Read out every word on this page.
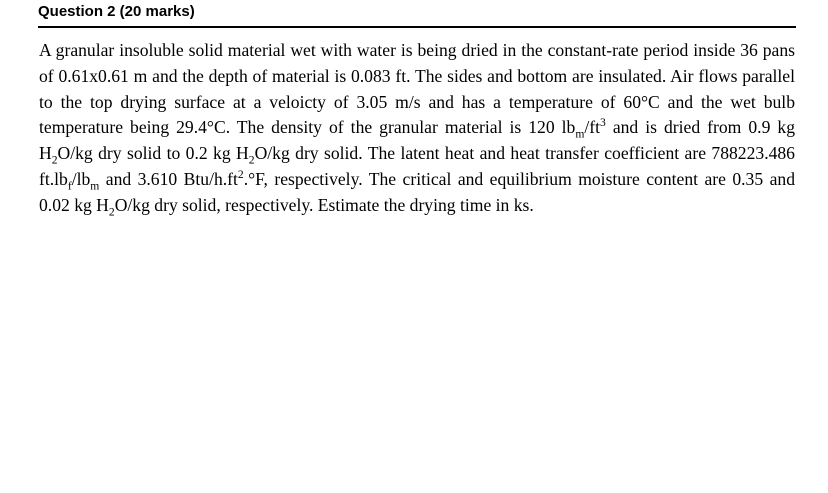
Question 2 (20 marks)

A granular insoluble solid material wet with water is being dried in the constant-rate period inside 36 pans of 0.61x0.61 m and the depth of material is 0.083 ft. The sides and bottom are insulated. Air flows parallel to the top drying surface at a veloicty of 3.05 m/s and has a temperature of 60°C and the wet bulb temperature being 29.4°C. The density of the granular material is 120 $lb_m/ft^3$ and is dried from 0.9 kg $H_2O/kg$ dry solid to 0.2 kg $H_2O/kg$ dry solid. The latent heat and heat transfer coefficient are 788223.486 $ft.lb_f/lb_m$ and 3.610 Btu/$h.ft^2.^\circ F$, respectively. The critical and equilibrium moisture content are 0.35 and 0.02 kg $H_2O/kg$ dry solid, respectively. Estimate the drying time in ks.
